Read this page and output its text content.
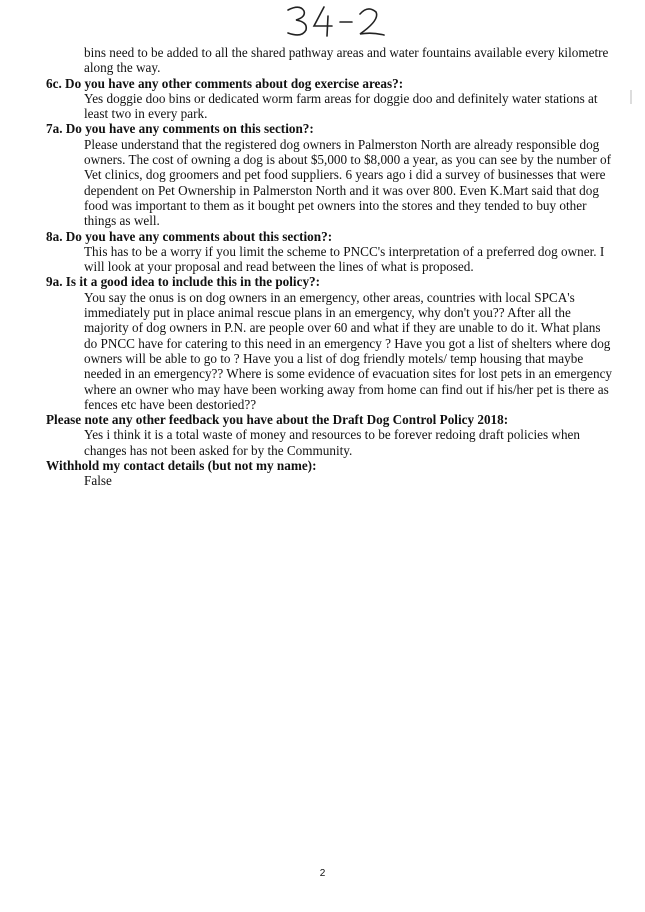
bins need to be added to all the shared pathway areas and water fountains available every kilometre along the way.

6c. Do you have any other comments about dog exercise areas?:

Yes doggie doo bins or dedicated worm farm areas for doggie doo and definitely water stations at least two in every park.

7a. Do you have any comments on this section?:

Please understand that the registered dog owners in Palmerston North are already responsible dog owners. The cost of owning a dog is about $5,000 to $8,000 a year, as you can see by the number of Vet clinics, dog groomers and pet food suppliers. 6 years ago i did a survey of businesses that were dependent on Pet Ownership in Palmerston North and it was over 800. Even K.Mart said that dog food was important to them as it bought pet owners into the stores and they tended to buy other things as well.

8a. Do you have any comments about this section?:

This has to be a worry if you limit the scheme to PNCC's interpretation of a preferred dog owner. I will look at your proposal and read between the lines of what is proposed.

9a. Is it a good idea to include this in the policy?:

You say the onus is on dog owners in an emergency, other areas, countries with local SPCA's immediately put in place animal rescue plans in an emergency, why don't you?? After all the majority of dog owners in P.N. are people over 60 and what if they are unable to do it. What plans do PNCC have for catering to this need in an emergency ? Have you got a list of shelters where dog owners will be able to go to ? Have you a list of dog friendly motels/ temp housing that maybe needed in an emergency?? Where is some evidence of evacuation sites for lost pets in an emergency where an owner who may have been working away from home can find out if his/her pet is there as fences etc have been destoried??

Please note any other feedback you have about the Draft Dog Control Policy 2018:

Yes i think it is a total waste of money and resources to be forever redoing draft policies when changes has not been asked for by the Community.

Withhold my contact details (but not my name):

False

2
